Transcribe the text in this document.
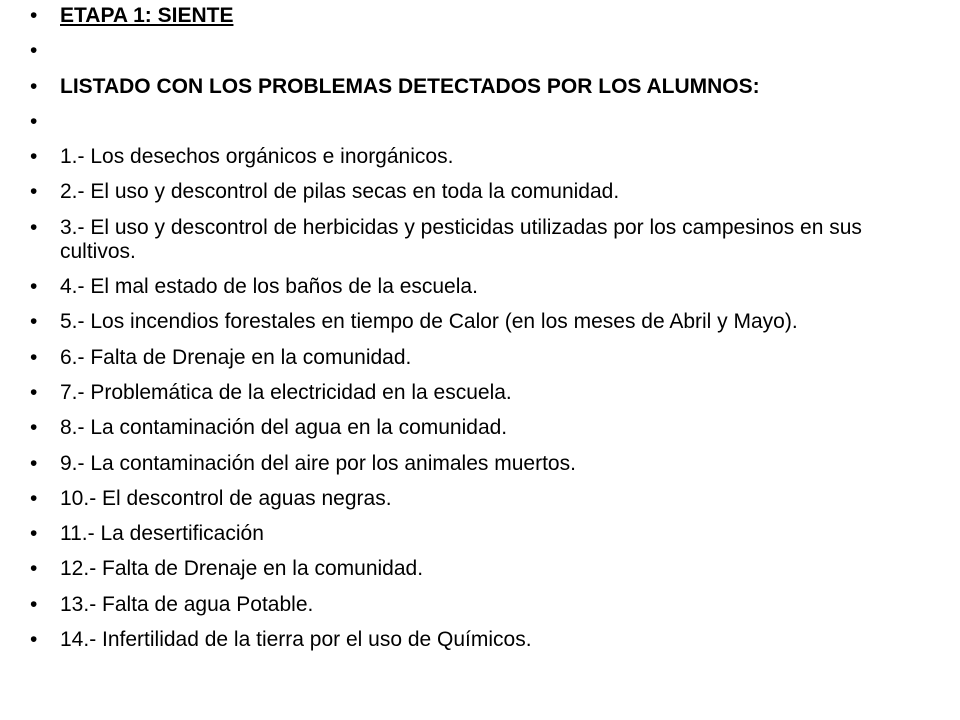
• ETAPA 1: SIENTE
•
• LISTADO CON LOS PROBLEMAS DETECTADOS POR LOS ALUMNOS:
•
• 1.- Los desechos orgánicos e inorgánicos.
• 2.- El uso y descontrol de pilas secas en toda la comunidad.
• 3.- El uso y descontrol de herbicidas y pesticidas utilizadas por los campesinos en sus cultivos.
• 4.- El mal estado de los baños de la escuela.
• 5.- Los incendios forestales en tiempo de Calor (en los meses de Abril y Mayo).
• 6.- Falta de Drenaje en la comunidad.
• 7.- Problemática de la electricidad en la escuela.
• 8.- La contaminación del agua en la comunidad.
• 9.- La contaminación del aire por los animales muertos.
• 10.- El descontrol de aguas negras.
• 11.- La desertificación
• 12.- Falta de Drenaje en la comunidad.
• 13.- Falta de agua Potable.
• 14.- Infertilidad de la tierra por el uso de Químicos.
